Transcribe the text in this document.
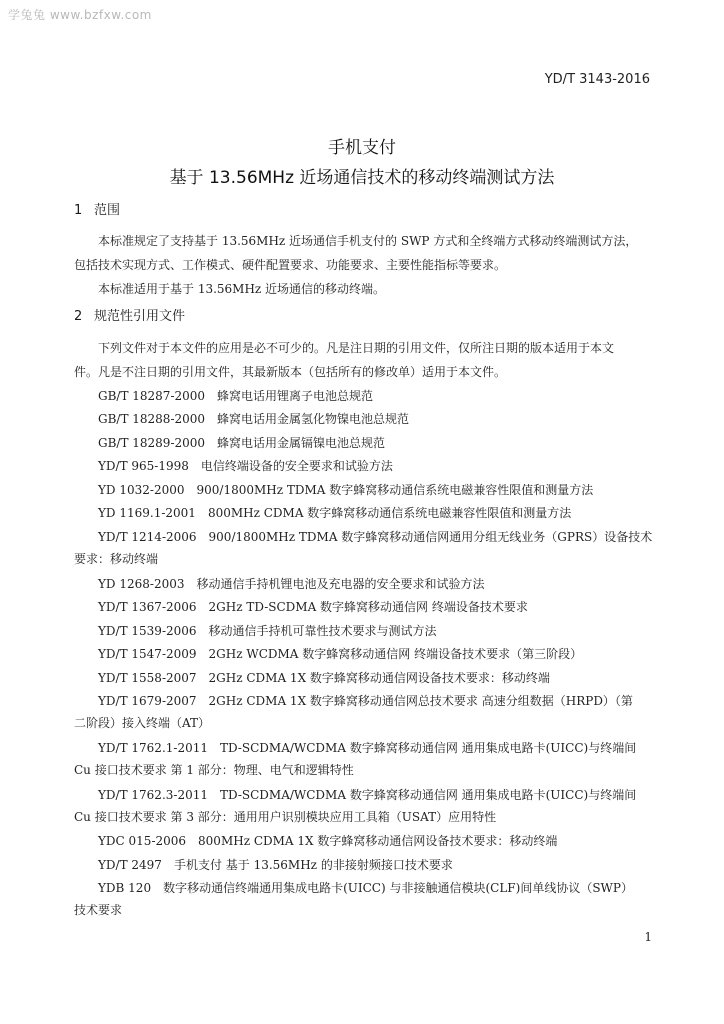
学兔兔 www.bzfxw.com
YD/T 3143-2016
手机支付
基于 13.56MHz 近场通信技术的移动终端测试方法
1 范围
本标准规定了支持基于 13.56MHz 近场通信手机支付的 SWP 方式和全终端方式移动终端测试方法，
包括技术实现方式、工作模式、硬件配置要求、功能要求、主要性能指标等要求。
本标准适用于基于 13.56MHz 近场通信的移动终端。
2 规范性引用文件
下列文件对于本文件的应用是必不可少的。凡是注日期的引用文件，仅所注日期的版本适用于本文
件。凡是不注日期的引用文件，其最新版本（包括所有的修改单）适用于本文件。
GB/T 18287-2000　蜂窝电话用锂离子电池总规范
GB/T 18288-2000　蜂窝电话用金属氢化物镍电池总规范
GB/T 18289-2000　蜂窝电话用金属镉镍电池总规范
YD/T 965-1998　电信终端设备的安全要求和试验方法
YD 1032-2000　900/1800MHz TDMA 数字蜂窝移动通信系统电磁兼容性限值和测量方法
YD 1169.1-2001　800MHz CDMA 数字蜂窝移动通信系统电磁兼容性限值和测量方法
YD/T 1214-2006　900/1800MHz TDMA 数字蜂窝移动通信网通用分组无线业务（GPRS）设备技术
要求：移动终端
YD 1268-2003　移动通信手持机锂电池及充电器的安全要求和试验方法
YD/T 1367-2006　2GHz TD-SCDMA 数字蜂窝移动通信网 终端设备技术要求
YD/T 1539-2006　移动通信手持机可靠性技术要求与测试方法
YD/T 1547-2009　2GHz WCDMA 数字蜂窝移动通信网 终端设备技术要求（第三阶段）
YD/T 1558-2007　2GHz CDMA 1X 数字蜂窝移动通信网设备技术要求：移动终端
YD/T 1679-2007　2GHz CDMA 1X 数字蜂窝移动通信网总技术要求 高速分组数据（HRPD）（第
二阶段）接入终端（AT）
YD/T 1762.1-2011　TD-SCDMA/WCDMA 数字蜂窝移动通信网 通用集成电路卡(UICC)与终端间
Cu 接口技术要求 第 1 部分：物理、电气和逻辑特性
YD/T 1762.3-2011　TD-SCDMA/WCDMA 数字蜂窝移动通信网 通用集成电路卡(UICC)与终端间
Cu 接口技术要求 第 3 部分：通用用户识别模块应用工具箱（USAT）应用特性
YDC 015-2006　800MHz CDMA 1X 数字蜂窝移动通信网设备技术要求：移动终端
YD/T 2497　手机支付 基于 13.56MHz 的非接射频接口技术要求
YDB 120　数字移动通信终端通用集成电路卡(UICC) 与非接触通信模块(CLF)间单线协议（SWP）
技术要求
1
